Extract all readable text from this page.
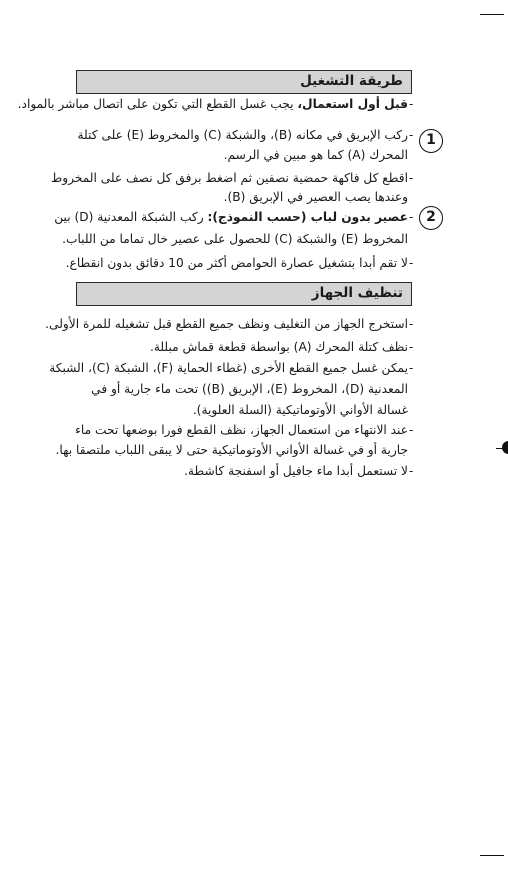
طريقة التشغيل
-
قبل أول استعمال، يجب غسل القطع التي تكون على اتصال مباشر بالمواد.
- 1
ركب الإبريق في مكانه (B)، والشبكة (C) والمخروط (E) على كتلة
المحرك (A) كما هو مبين في الرسم.
-
اقطع كل فاكهة حمضية نصفين ثم اضغط برفق كل نصف على المخروط
وعندها يصب العصير في الإبريق (B).
- 2
عصير بدون لباب (حسب النموذج): ركب الشبكة المعدنية (D) بين
المخروط (E) والشبكة (C) للحصول على عصير خال تماما من اللباب.
-
لا تقم أبدا بتشغيل عصارة الحوامض أكثر من 10 دقائق بدون انقطاع.
تنظيف الجهاز
-
استخرج الجهاز من التغليف ونظف جميع القطع قبل تشغيله للمرة الأولى.
-
نظف كتلة المحرك (A) بواسطة قطعة قماش مبللة.
-
يمكن غسل جميع القطع الأخرى (غطاء الحماية (F)، الشبكة (C)، الشبكة
المعدنية (D)، المخروط (E)، الإبريق (B)) تحت ماء جارية أو في
غسالة الأواني الأوتوماتيكية (السلة العلوية).
-
عند الانتهاء من استعمال الجهاز، نظف القطع فورا بوضعها تحت ماء
جارية أو في غسالة الأواني الأوتوماتيكية حتى لا يبقى اللباب ملتصقا بها.
-
لا تستعمل أبدا ماء جافيل أو اسفنجة كاشطة.
